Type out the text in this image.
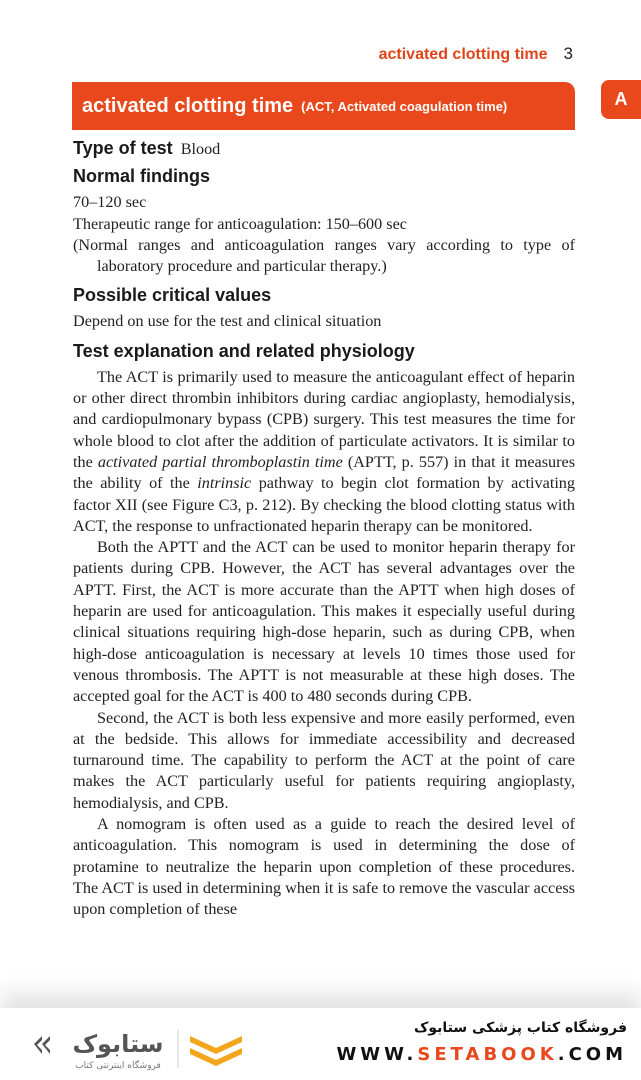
activated clotting time 3
A
activated clotting time (ACT, Activated coagulation time)
Type of test Blood
Normal findings

70–120 sec

Therapeutic range for anticoagulation: 150–600 sec

(Normal ranges and anticoagulation ranges vary according to type of laboratory procedure and particular therapy.)

Possible critical values

Depend on use for the test and clinical situation

Test explanation and related physiology

The ACT is primarily used to measure the anticoagulant effect of heparin or other direct thrombin inhibitors during cardiac angioplasty, hemodialysis, and cardiopulmonary bypass (CPB) surgery. This test measures the time for whole blood to clot after the addition of particulate activators. It is similar to the activated partial thromboplastin time (APTT, p. 557) in that it measures the ability of the intrinsic pathway to begin clot formation by activating factor XII (see Figure C3, p. 212). By checking the blood clotting status with ACT, the response to unfractionated heparin therapy can be monitored.

Both the APTT and the ACT can be used to monitor heparin therapy for patients during CPB. However, the ACT has several advantages over the APTT. First, the ACT is more accurate than the APTT when high doses of heparin are used for anticoagulation. This makes it especially useful during clinical situations requiring high-dose heparin, such as during CPB, when high-dose anticoagulation is necessary at levels 10 times those used for venous thrombosis. The APTT is not measurable at these high doses. The accepted goal for the ACT is 400 to 480 seconds during CPB.

Second, the ACT is both less expensive and more easily performed, even at the bedside. This allows for immediate accessibility and decreased turnaround time. The capability to perform the ACT at the point of care makes the ACT particularly useful for patients requiring angioplasty, hemodialysis, and CPB.

A nomogram is often used as a guide to reach the desired level of anticoagulation. This nomogram is used in determining the dose of protamine to neutralize the heparin upon completion of these procedures. The ACT is used in determining when it is safe to remove the vascular access upon completion of these

ستابوک
فروشگاه اینترنتی کتاب
فروشگاه کتاب پزشکی ستابوک
WWW.SETABOOK.COM
